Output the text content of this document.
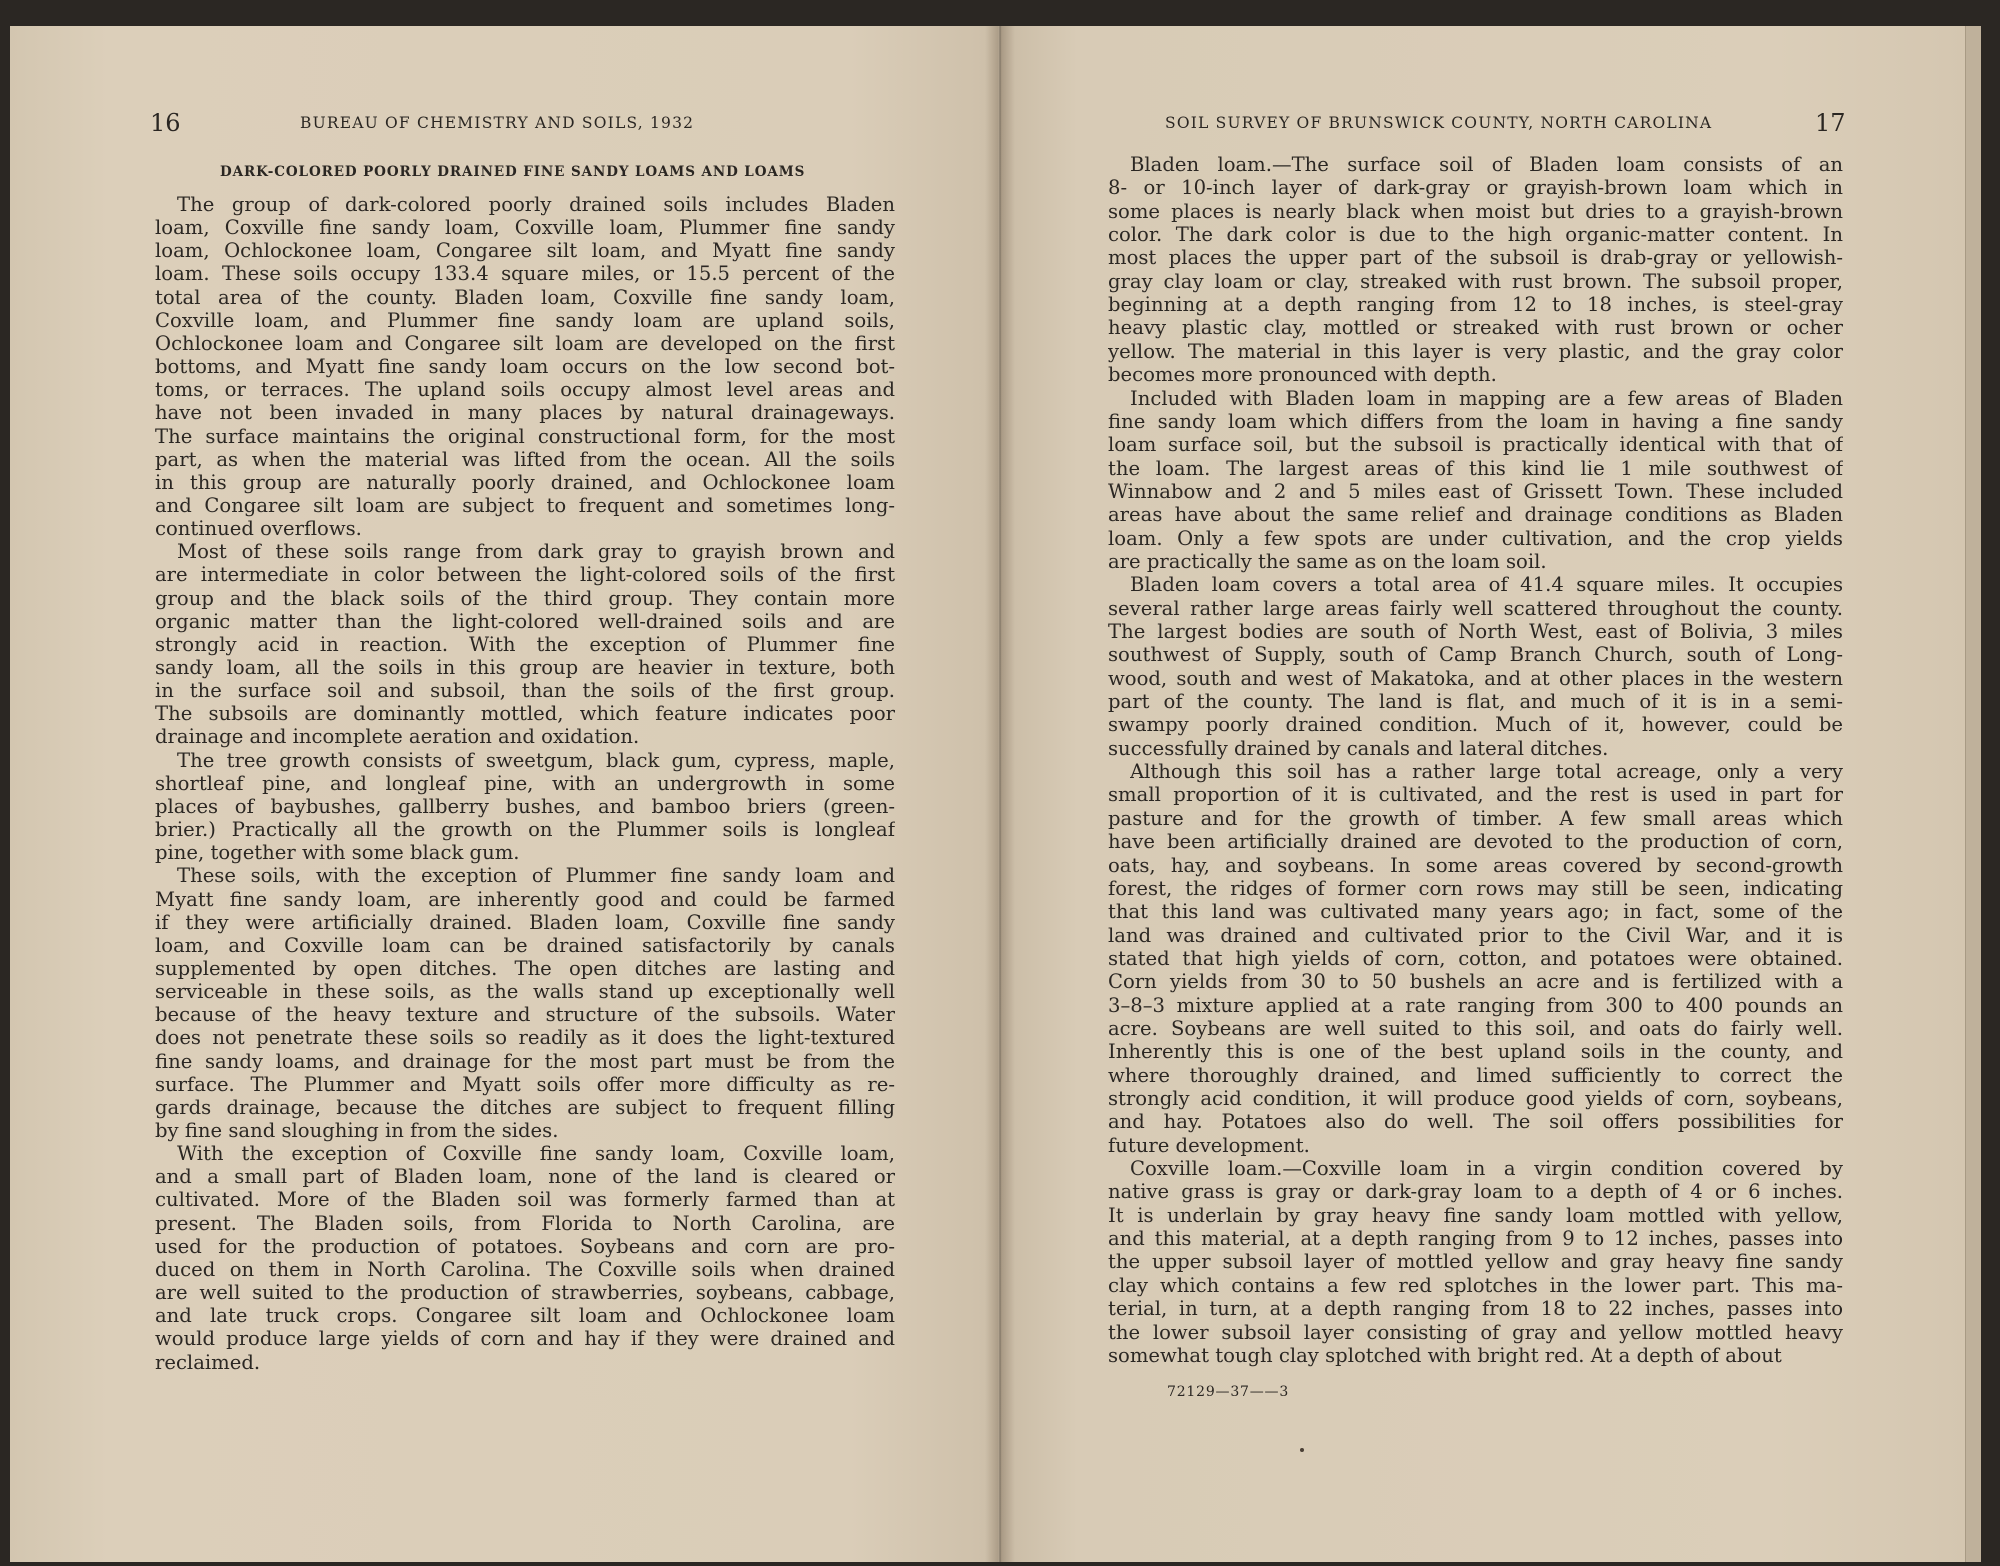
16	BUREAU OF CHEMISTRY AND SOILS, 1932
DARK-COLORED POORLY DRAINED FINE SANDY LOAMS AND LOAMS
The group of dark-colored poorly drained soils includes Bladen
loam, Coxville fine sandy loam, Coxville loam, Plummer fine sandy
loam, Ochlockonee loam, Congaree silt loam, and Myatt fine sandy
loam. These soils occupy 133.4 square miles, or 15.5 percent of the
total area of the county. Bladen loam, Coxville fine sandy loam,
Coxville loam, and Plummer fine sandy loam are upland soils,
Ochlockonee loam and Congaree silt loam are developed on the first
bottoms, and Myatt fine sandy loam occurs on the low second bot-
toms, or terraces. The upland soils occupy almost level areas and
have not been invaded in many places by natural drainageways.
The surface maintains the original constructional form, for the most
part, as when the material was lifted from the ocean. All the soils
in this group are naturally poorly drained, and Ochlockonee loam
and Congaree silt loam are subject to frequent and sometimes long-
continued overflows.
Most of these soils range from dark gray to grayish brown and
are intermediate in color between the light-colored soils of the first
group and the black soils of the third group. They contain more
organic matter than the light-colored well-drained soils and are
strongly acid in reaction. With the exception of Plummer fine
sandy loam, all the soils in this group are heavier in texture, both
in the surface soil and subsoil, than the soils of the first group.
The subsoils are dominantly mottled, which feature indicates poor
drainage and incomplete aeration and oxidation.
The tree growth consists of sweetgum, black gum, cypress, maple,
shortleaf pine, and longleaf pine, with an undergrowth in some
places of baybushes, gallberry bushes, and bamboo briers (green-
brier.) Practically all the growth on the Plummer soils is longleaf
pine, together with some black gum.
These soils, with the exception of Plummer fine sandy loam and
Myatt fine sandy loam, are inherently good and could be farmed
if they were artificially drained. Bladen loam, Coxville fine sandy
loam, and Coxville loam can be drained satisfactorily by canals
supplemented by open ditches. The open ditches are lasting and
serviceable in these soils, as the walls stand up exceptionally well
because of the heavy texture and structure of the subsoils. Water
does not penetrate these soils so readily as it does the light-textured
fine sandy loams, and drainage for the most part must be from the
surface. The Plummer and Myatt soils offer more difficulty as re-
gards drainage, because the ditches are subject to frequent filling
by fine sand sloughing in from the sides.
With the exception of Coxville fine sandy loam, Coxville loam,
and a small part of Bladen loam, none of the land is cleared or
cultivated. More of the Bladen soil was formerly farmed than at
present. The Bladen soils, from Florida to North Carolina, are
used for the production of potatoes. Soybeans and corn are pro-
duced on them in North Carolina. The Coxville soils when drained
are well suited to the production of strawberries, soybeans, cabbage,
and late truck crops. Congaree silt loam and Ochlockonee loam
would produce large yields of corn and hay if they were drained and
reclaimed.
SOIL SURVEY OF BRUNSWICK COUNTY, NORTH CAROLINA	17
Bladen loam.—The surface soil of Bladen loam consists of an
8- or 10-inch layer of dark-gray or grayish-brown loam which in
some places is nearly black when moist but dries to a grayish-brown
color. The dark color is due to the high organic-matter content. In
most places the upper part of the subsoil is drab-gray or yellowish-
gray clay loam or clay, streaked with rust brown. The subsoil proper,
beginning at a depth ranging from 12 to 18 inches, is steel-gray
heavy plastic clay, mottled or streaked with rust brown or ocher
yellow. The material in this layer is very plastic, and the gray color
becomes more pronounced with depth.
Included with Bladen loam in mapping are a few areas of Bladen
fine sandy loam which differs from the loam in having a fine sandy
loam surface soil, but the subsoil is practically identical with that of
the loam. The largest areas of this kind lie 1 mile southwest of
Winnabow and 2 and 5 miles east of Grissett Town. These included
areas have about the same relief and drainage conditions as Bladen
loam. Only a few spots are under cultivation, and the crop yields
are practically the same as on the loam soil.
Bladen loam covers a total area of 41.4 square miles. It occupies
several rather large areas fairly well scattered throughout the county.
The largest bodies are south of North West, east of Bolivia, 3 miles
southwest of Supply, south of Camp Branch Church, south of Long-
wood, south and west of Makatoka, and at other places in the western
part of the county. The land is flat, and much of it is in a semi-
swampy poorly drained condition. Much of it, however, could be
successfully drained by canals and lateral ditches.
Although this soil has a rather large total acreage, only a very
small proportion of it is cultivated, and the rest is used in part for
pasture and for the growth of timber. A few small areas which
have been artificially drained are devoted to the production of corn,
oats, hay, and soybeans. In some areas covered by second-growth
forest, the ridges of former corn rows may still be seen, indicating
that this land was cultivated many years ago; in fact, some of the
land was drained and cultivated prior to the Civil War, and it is
stated that high yields of corn, cotton, and potatoes were obtained.
Corn yields from 30 to 50 bushels an acre and is fertilized with a
3–8–3 mixture applied at a rate ranging from 300 to 400 pounds an
acre. Soybeans are well suited to this soil, and oats do fairly well.
Inherently this is one of the best upland soils in the county, and
where thoroughly drained, and limed sufficiently to correct the
strongly acid condition, it will produce good yields of corn, soybeans,
and hay. Potatoes also do well. The soil offers possibilities for
future development.
Coxville loam.—Coxville loam in a virgin condition covered by
native grass is gray or dark-gray loam to a depth of 4 or 6 inches.
It is underlain by gray heavy fine sandy loam mottled with yellow,
and this material, at a depth ranging from 9 to 12 inches, passes into
the upper subsoil layer of mottled yellow and gray heavy fine sandy
clay which contains a few red splotches in the lower part. This ma-
terial, in turn, at a depth ranging from 18 to 22 inches, passes into
the lower subsoil layer consisting of gray and yellow mottled heavy
somewhat tough clay splotched with bright red. At a depth of about
72129—37——3
